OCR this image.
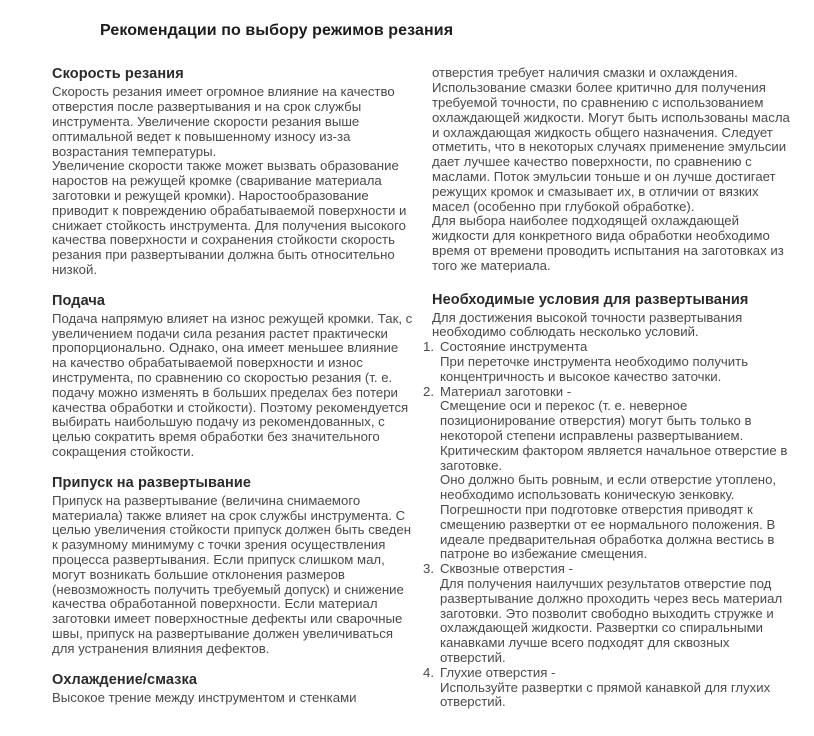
Рекомендации по выбору режимов резания
Скорость резания

Скорость резания имеет огромное влияние на качество отверстия после развертывания и на срок службы инструмента. Увеличение скорости резания выше оптимальной ведет к повышенному износу из-за возрастания температуры.

Увеличение скорости также может вызвать образование наростов на режущей кромке (сваривание материала заготовки и режущей кромки). Наростообразование приводит к повреждению обрабатываемой поверхности и снижает стойкость инструмента. Для получения высокого качества поверхности и сохранения стойкости скорость резания при развертывании должна быть относительно низкой.

Подача

Подача напрямую влияет на износ режущей кромки. Так, с увеличением подачи сила резания растет практически пропорционально. Однако, она имеет меньшее влияние на качество обрабатываемой поверхности и износ инструмента, по сравнению со скоростью резания (т. е. подачу можно изменять в больших пределах без потери качества обработки и стойкости). Поэтому рекомендуется выбирать наибольшую подачу из рекомендованных, с целью сократить время обработки без значительного сокращения стойкости.

Припуск на развертывание

Припуск на развертывание (величина снимаемого материала) также влияет на срок службы инструмента. С целью увеличения стойкости припуск должен быть сведен к разумному минимуму с точки зрения осуществления процесса развертывания. Если припуск слишком мал, могут возникать большие отклонения размеров (невозможность получить требуемый допуск) и снижение качества обработанной поверхности. Если материал заготовки имеет поверхностные дефекты или сварочные швы, припуск на развертывание должен увеличиваться для устранения влияния дефектов.

Охлаждение/смазка

Высокое трение между инструментом и стенками

отверстия требует наличия смазки и охлаждения. Использование смазки более критично для получения требуемой точности, по сравнению с использованием охлаждающей жидкости. Могут быть использованы масла и охлаждающая жидкость общего назначения. Следует отметить, что в некоторых случаях применение эмульсии дает лучшее качество поверхности, по сравнению с маслами. Поток эмульсии тоньше и он лучше достигает режущих кромок и смазывает их, в отличии от вязких масел (особенно при глубокой обработке).

Для выбора наиболее подходящей охлаждающей жидкости для конкретного вида обработки необходимо время от времени проводить испытания на заготовках из того же материала.

Необходимые условия для развертывания

Для достижения высокой точности развертывания необходимо соблюдать несколько условий.

1. Состояние инструмента

При переточке инструмента необходимо получить концентричность и высокое качество заточки.

2. Материал заготовки -

Смещение оси и перекос (т. е. неверное позиционирование отверстия) могут быть только в некоторой степени исправлены развертыванием. Критическим фактором является начальное отверстие в заготовке.

Оно должно быть ровным, и если отверстие утоплено, необходимо использовать коническую зенковку. Погрешности при подготовке отверстия приводят к смещению развертки от ее нормального положения. В идеале предварительная обработка должна вестись в патроне во избежание смещения.

3. Сквозные отверстия -

Для получения наилучших результатов отверстие под развертывание должно проходить через весь материал заготовки. Это позволит свободно выходить стружке и охлаждающей жидкости. Развертки со спиральными канавками лучше всего подходят для сквозных отверстий.

4. Глухие отверстия -

Используйте развертки с прямой канавкой для глухих отверстий.
